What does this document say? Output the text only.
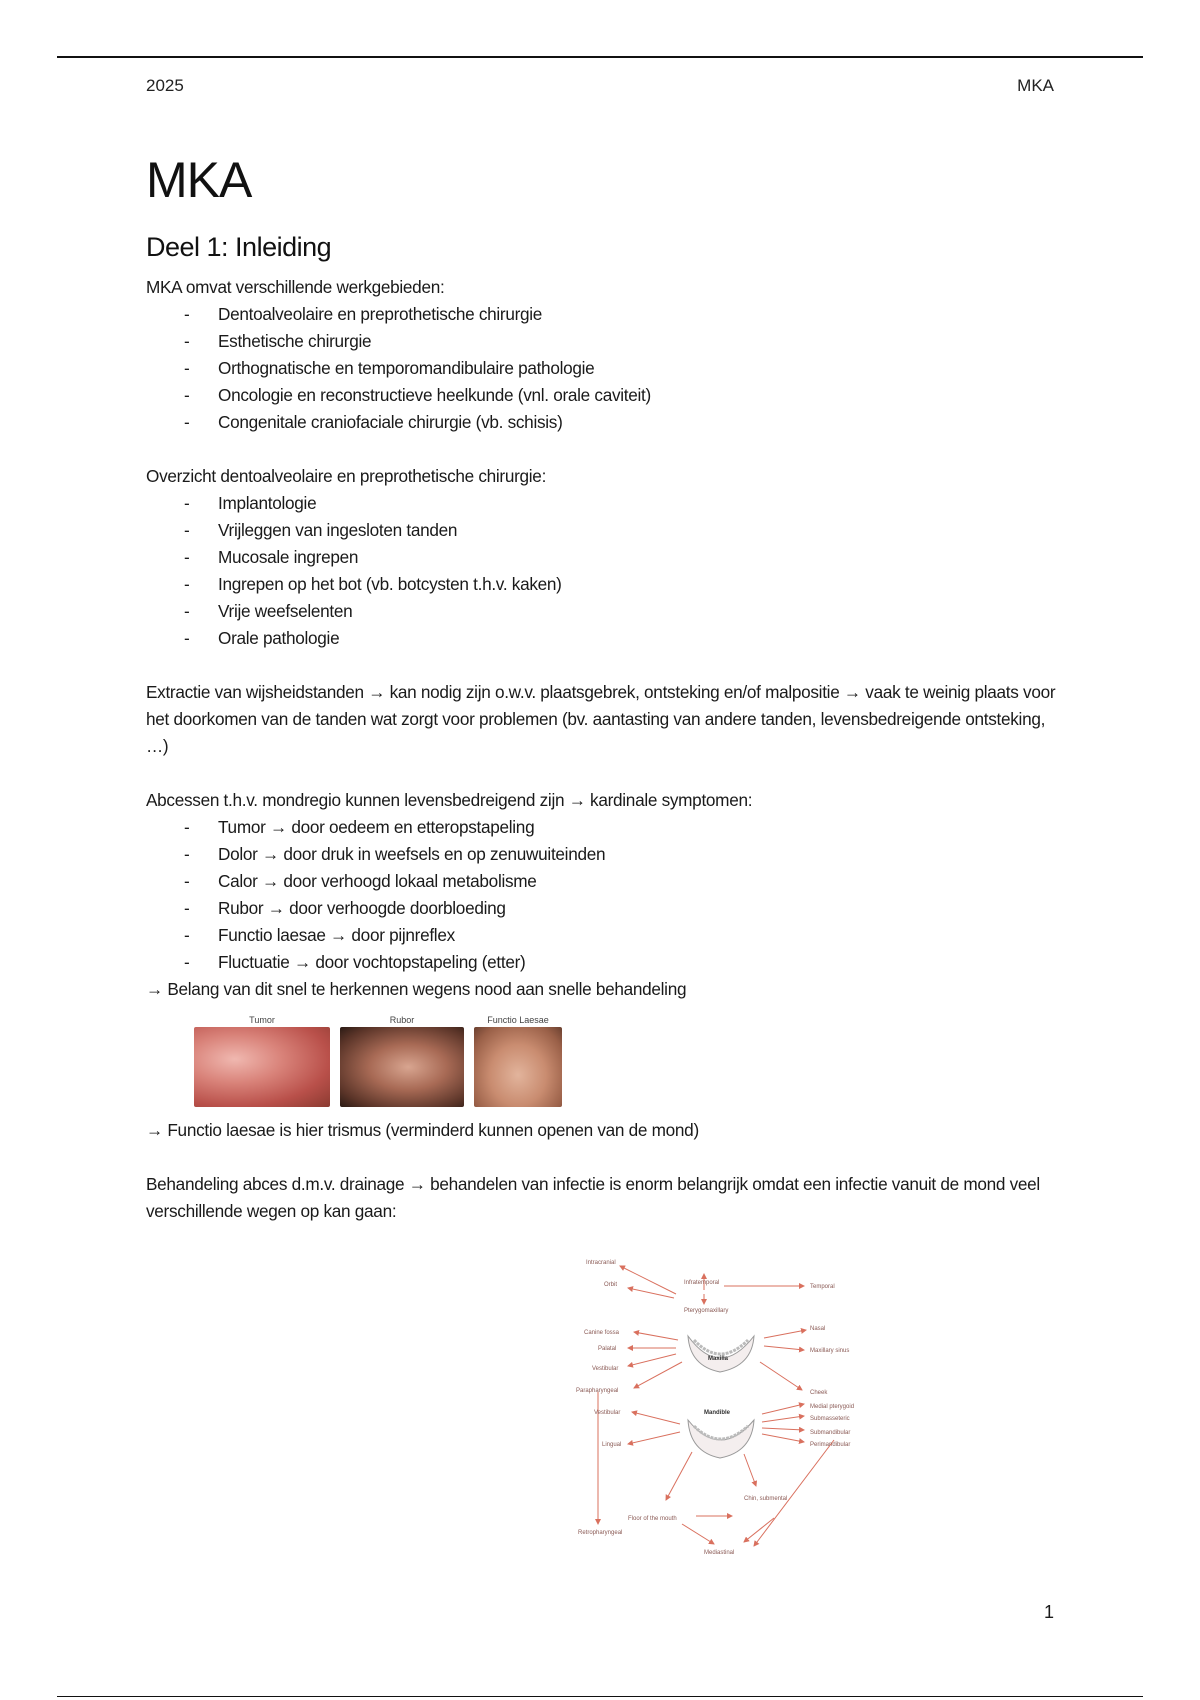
2025	MKA
MKA
Deel 1: Inleiding

MKA omvat verschillende werkgebieden:

- Dentoalveolaire en preprothetische chirurgie
- Esthetische chirurgie
- Orthognatische en temporomandibulaire pathologie
- Oncologie en reconstructieve heelkunde (vnl. orale caviteit)
- Congenitale craniofaciale chirurgie (vb. schisis)

Overzicht dentoalveolaire en preprothetische chirurgie:

- Implantologie
- Vrijleggen van ingesloten tanden
- Mucosale ingrepen
- Ingrepen op het bot (vb. botcysten t.h.v. kaken)
- Vrije weefselenten
- Orale pathologie

Extractie van wijsheidstanden → kan nodig zijn o.w.v. plaatsgebrek, ontsteking en/of malpositie → vaak te weinig plaats voor het doorkomen van de tanden wat zorgt voor problemen (bv. aantasting van andere tanden, levensbedreigende ontsteking, …)

Abcessen t.h.v. mondregio kunnen levensbedreigend zijn → kardinale symptomen:

- Tumor → door oedeem en etteropstapeling
- Dolor → door druk in weefsels en op zenuwuiteinden
- Calor → door verhoogd lokaal metabolisme
- Rubor → door verhoogde doorbloeding
- Functio laesae → door pijnreflex
- Fluctuatie → door vochtopstapeling (etter)

→ Belang van dit snel te herkennen wegens nood aan snelle behandeling

Tumor	Rubor	Functio Laesae

→ Functio laesae is hier trismus (verminderd kunnen openen van de mond)

Behandeling abces d.m.v. drainage → behandelen van infectie is enorm belangrijk omdat een infectie vanuit de mond veel verschillende wegen op kan gaan:

Intracranial
Orbit	Infratemporal
Temporal
Pterygomaxillary
Canine fossa
Palatal
Vestibular
Nasal
Maxillary sinus
Maxilla
Parapharyngeal	Cheek
Vestibular	Mandible
Medial pterygoid
Submasseteric
Submandibular
Perimandibular
Lingual
Floor of the mouth
Chin, submental
Retropharyngeal
Mediastinal
1
